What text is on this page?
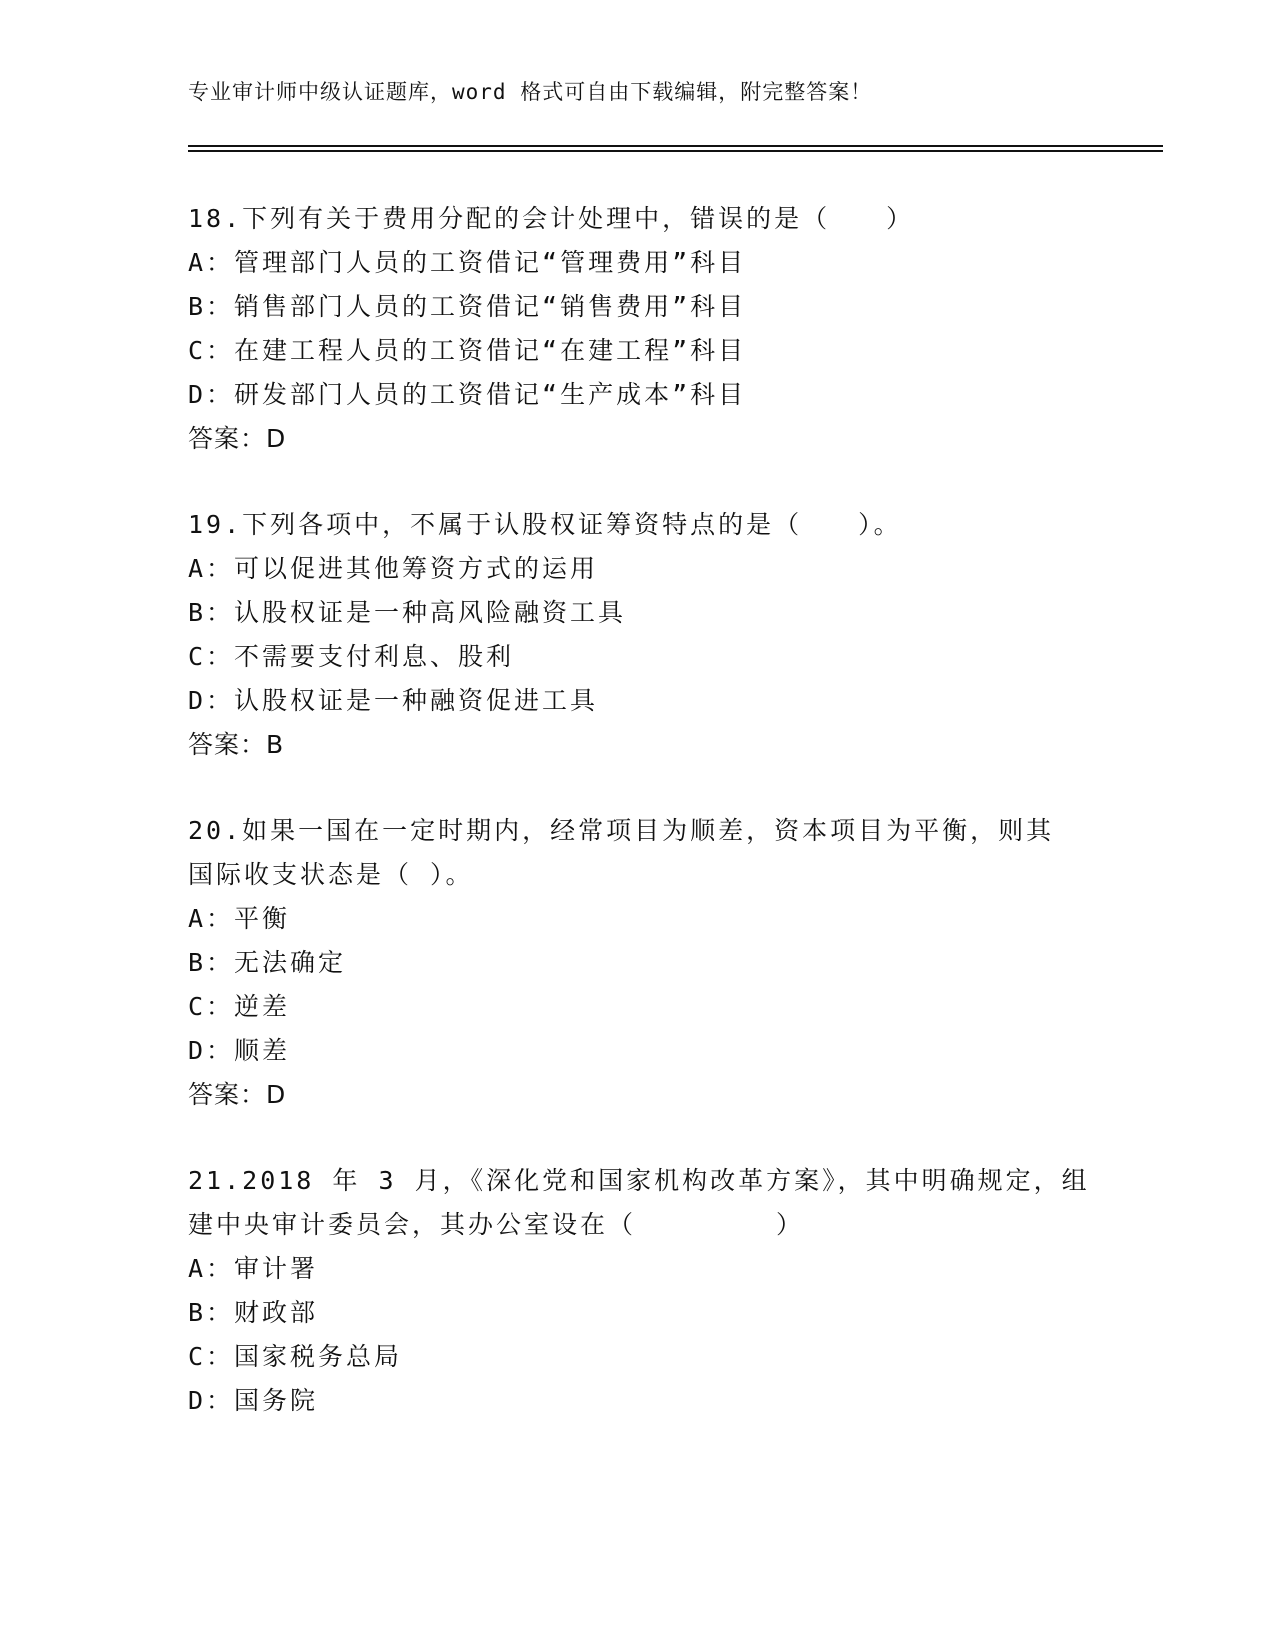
专业审计师中级认证题库，word 格式可自由下载编辑，附完整答案！
18.下列有关于费用分配的会计处理中，错误的是（　　）
A：管理部门人员的工资借记“管理费用”科目
B：销售部门人员的工资借记“销售费用”科目
C：在建工程人员的工资借记“在建工程”科目
D：研发部门人员的工资借记“生产成本”科目
答案：D
19.下列各项中，不属于认股权证筹资特点的是（　　）。
A：可以促进其他筹资方式的运用
B：认股权证是一种高风险融资工具
C：不需要支付利息、股利
D：认股权证是一种融资促进工具
答案：B
20.如果一国在一定时期内，经常项目为顺差，资本项目为平衡，则其
国际收支状态是（ ）。
A：平衡
B：无法确定
C：逆差
D：顺差
答案：D
21.2018 年 3 月，《深化党和国家机构改革方案》，其中明确规定，组
建中央审计委员会，其办公室设在（　　　　　）
A：审计署
B：财政部
C：国家税务总局
D：国务院
